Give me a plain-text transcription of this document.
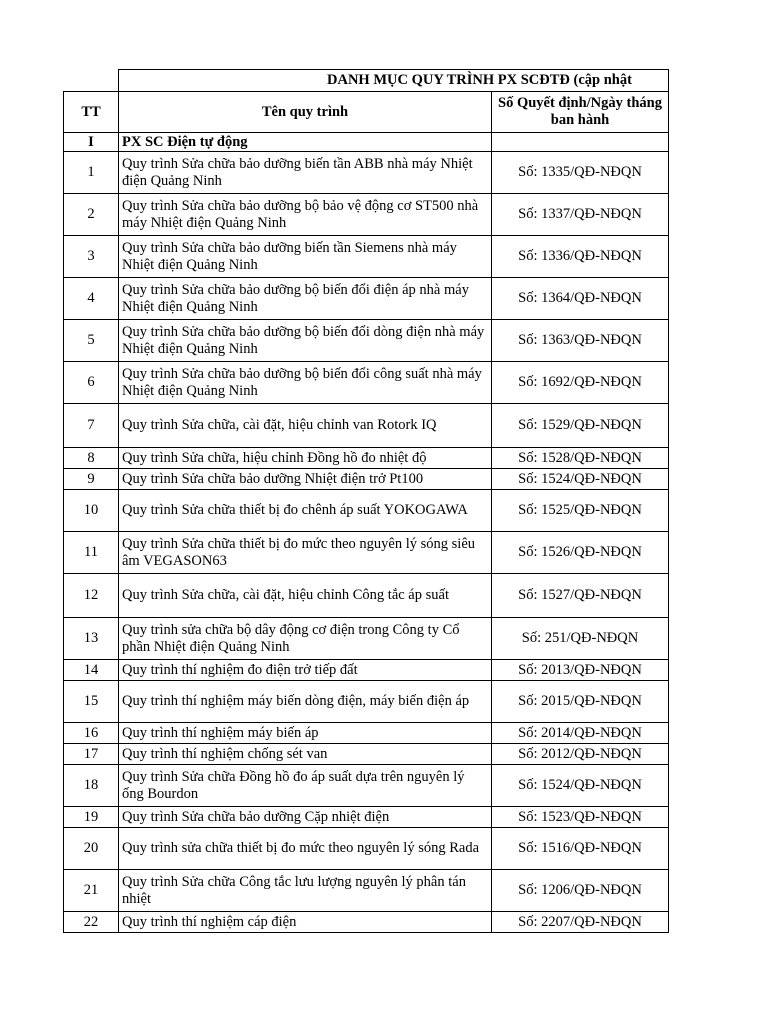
	DANH MỤC QUY TRÌNH PX SCĐTĐ (cập nhật	
TT	Tên quy trình	Số Quyết định/Ngày tháng ban hành
I	PX SC Điện tự động	
1	Quy trình Sửa chữa bảo dưỡng biến tần ABB nhà máy Nhiệt điện Quảng Ninh	Số: 1335/QĐ-NĐQN
2	Quy trình Sửa chữa bảo dưỡng bộ bảo vệ động cơ ST500 nhà máy Nhiệt điện Quảng Ninh	Số: 1337/QĐ-NĐQN
3	Quy trình Sửa chữa bảo dưỡng biến tần Siemens nhà máy Nhiệt điện Quảng Ninh	Số: 1336/QĐ-NĐQN
4	Quy trình Sửa chữa bảo dưỡng bộ biến đổi điện áp nhà máy Nhiệt điện Quảng Ninh	Số: 1364/QĐ-NĐQN
5	Quy trình Sửa chữa bảo dưỡng bộ biến đổi dòng điện nhà máy Nhiệt điện Quảng Ninh	Số: 1363/QĐ-NĐQN
6	Quy trình Sửa chữa bảo dưỡng bộ biến đổi công suất nhà máy Nhiệt điện Quảng Ninh	Số: 1692/QĐ-NĐQN
7	Quy trình Sửa chữa, cài đặt, hiệu chỉnh van Rotork IQ	Số: 1529/QĐ-NĐQN
8	Quy trình Sửa chữa, hiệu chỉnh Đồng hồ đo nhiệt độ	Số: 1528/QĐ-NĐQN
9	Quy trình Sửa chữa bảo dưỡng Nhiệt điện trở Pt100	Số: 1524/QĐ-NĐQN
10	Quy trình Sửa chữa thiết bị đo chênh áp suất YOKOGAWA	Số: 1525/QĐ-NĐQN
11	Quy trình Sửa chữa thiết bị đo mức theo nguyên lý sóng siêu âm VEGASON63	Số: 1526/QĐ-NĐQN
12	Quy trình Sửa chữa, cài đặt, hiệu chỉnh Công tắc áp suất	Số: 1527/QĐ-NĐQN
13	Quy trình sửa chữa bộ dây động cơ điện trong Công ty Cổ phần Nhiệt điện Quảng Ninh	Số: 251/QĐ-NĐQN
14	Quy trình thí nghiệm đo điện trở tiếp đất	Số: 2013/QĐ-NĐQN
15	Quy trình thí nghiệm máy biến dòng điện, máy biến điện áp	Số: 2015/QĐ-NĐQN
16	Quy trình thí nghiệm máy biến áp	Số: 2014/QĐ-NĐQN
17	Quy trình thí nghiệm chống sét van	Số: 2012/QĐ-NĐQN
18	Quy trình Sửa chữa Đồng hồ đo áp suất dựa trên nguyên lý ống Bourdon	Số: 1524/QĐ-NĐQN
19	Quy trình Sửa chữa bảo dưỡng Cặp nhiệt điện	Số: 1523/QĐ-NĐQN
20	Quy trình sửa chữa thiết bị đo mức theo nguyên lý sóng Rada	Số: 1516/QĐ-NĐQN
21	Quy trình Sửa chữa Công tắc lưu lượng nguyên lý phân tán nhiệt	Số: 1206/QĐ-NĐQN
22	Quy trình thí nghiệm cáp điện	Số: 2207/QĐ-NĐQN
